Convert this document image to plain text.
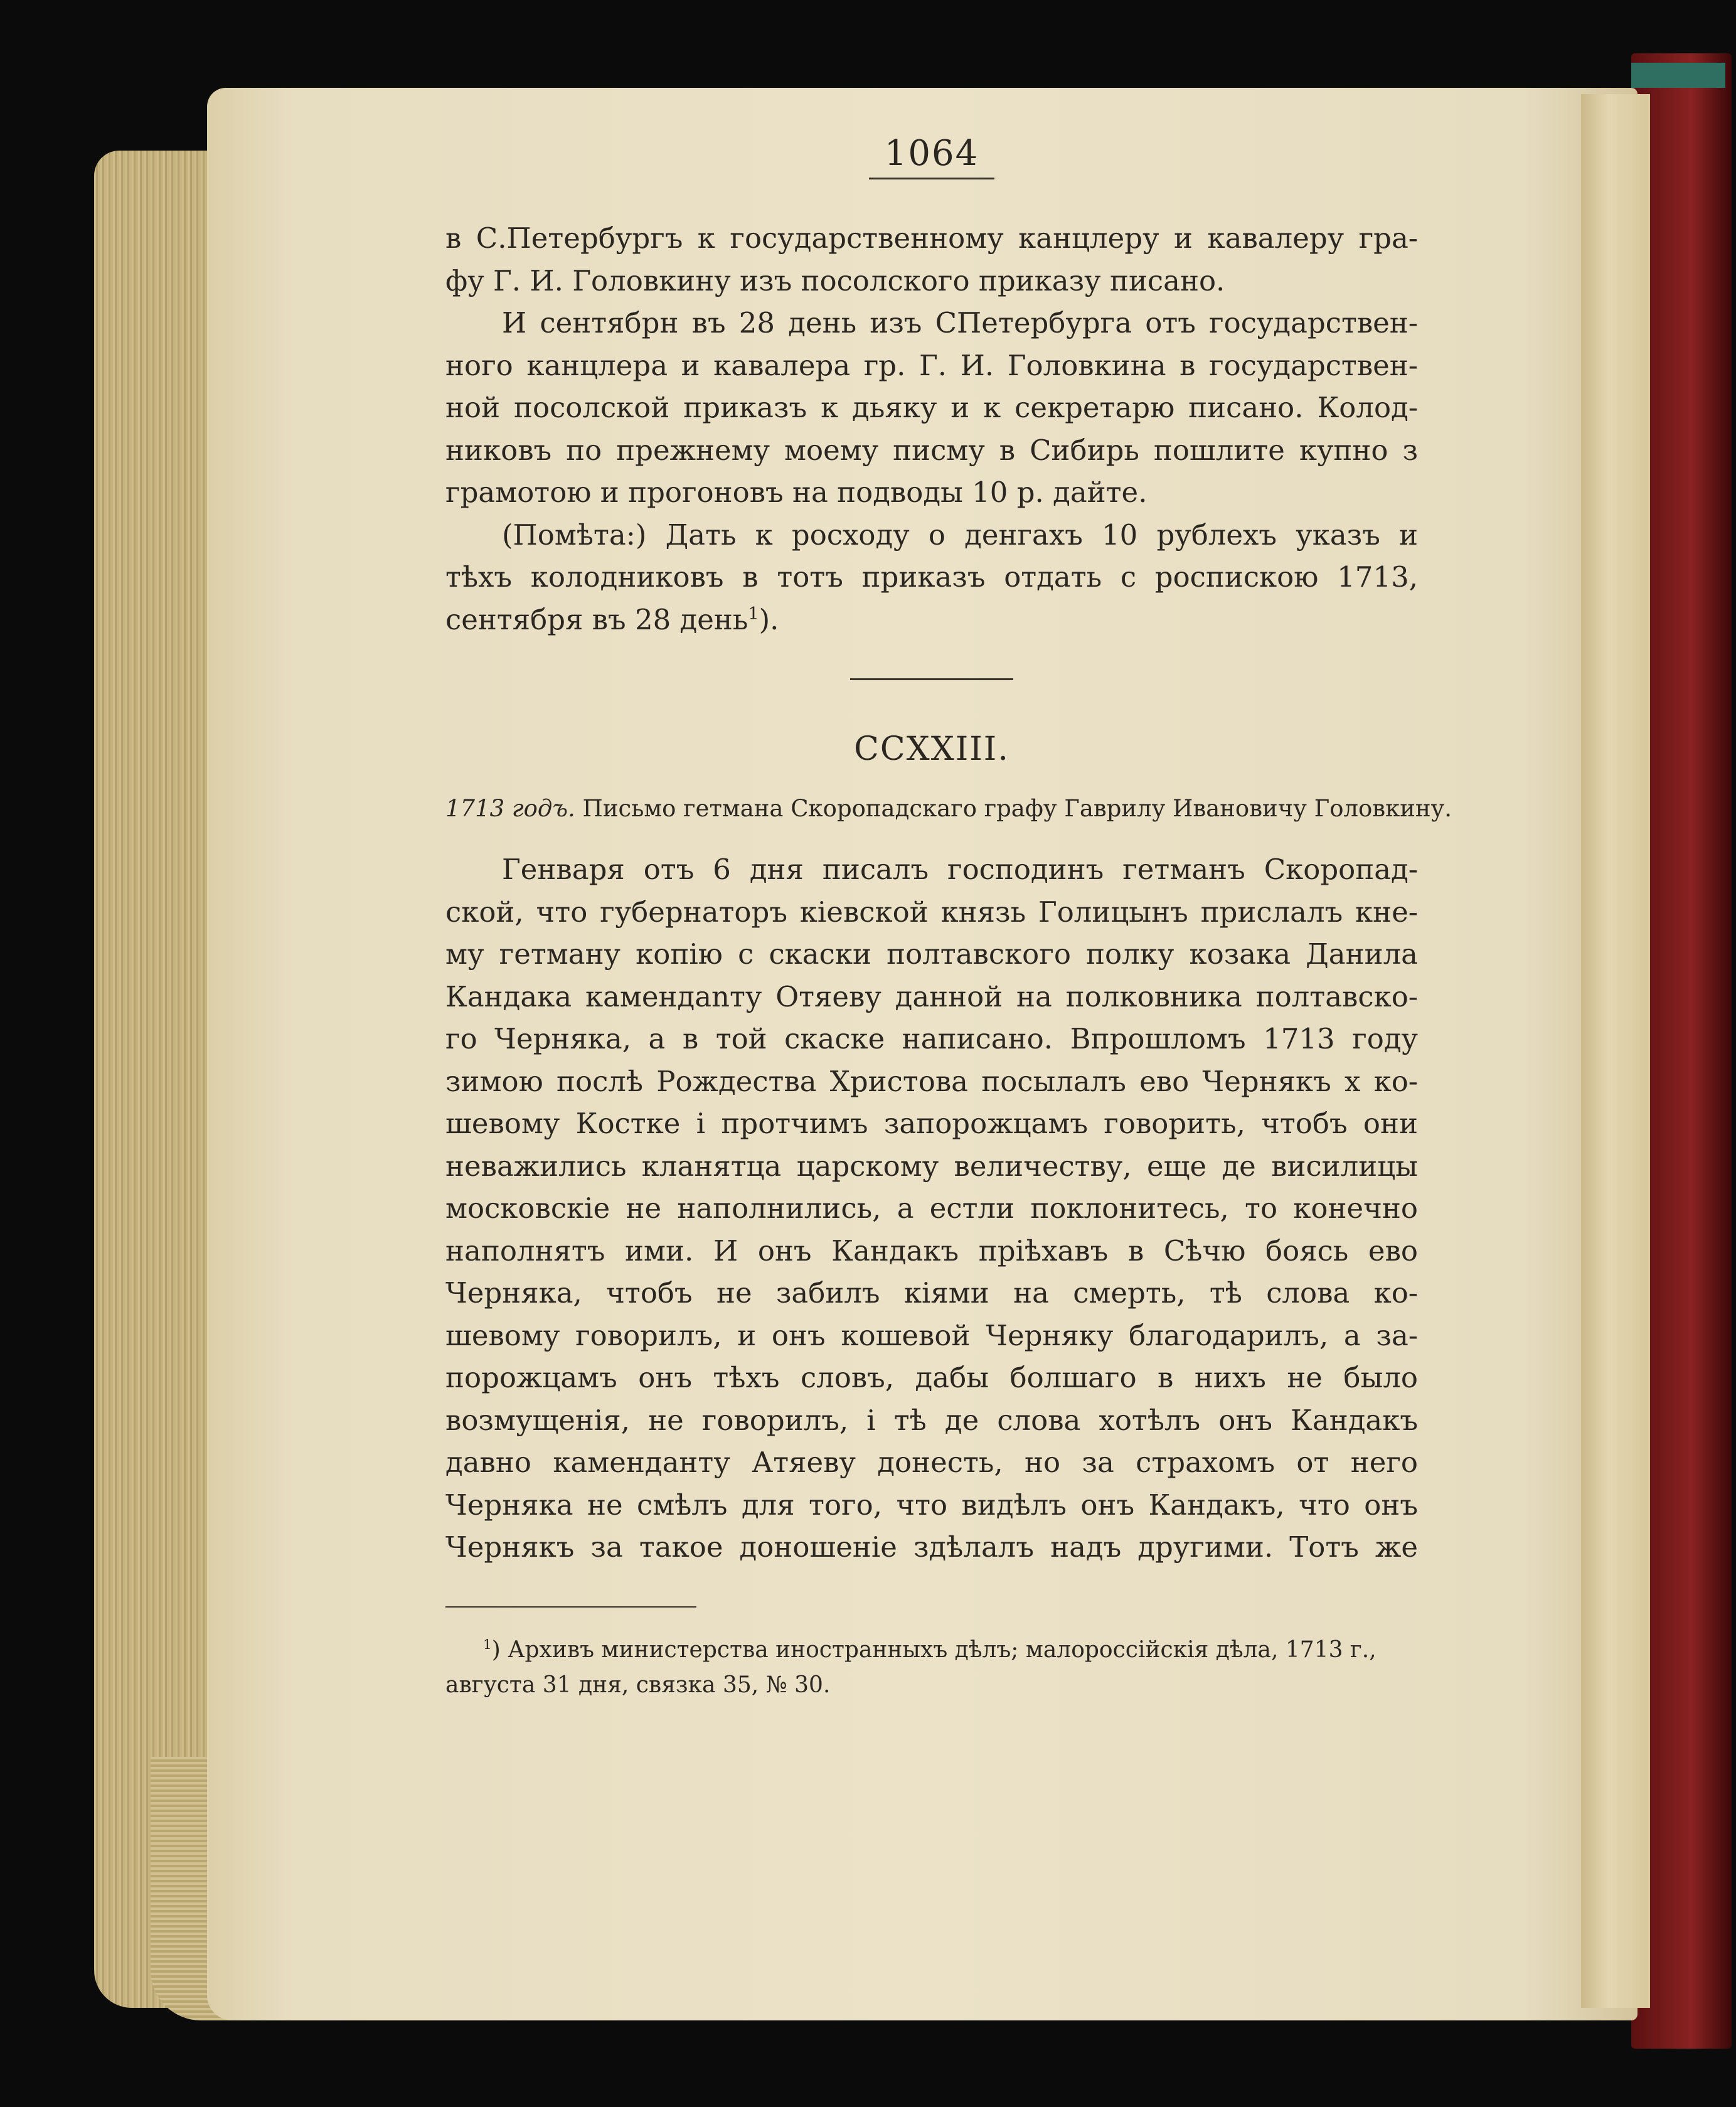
1064
в С.Петербургъ к государственному канцлеру и кавалеру гра-
фу Г. И. Головкину изъ посолского приказу писано.
И сентябрн въ 28 день изъ СПетербурга отъ государствен-
ного канцлера и кавалера гр. Г. И. Головкина в государствен-
ной посолской приказъ к дьяку и к секретарю писано. Колод-
никовъ по прежнему моему писму в Сибирь пошлите купно з
грамотою и прогоновъ на подводы 10 р. дайте.
(Помѣта:) Дать к росходу о денгахъ 10 рублехъ указъ и
тѣхъ колодниковъ в тотъ приказъ отдать с роспискою 1713,
сентября въ 28 день$^1$).
CCXXIII.
1713 годъ. Письмо гетмана Скоропадскаго графу Гаврилу Ивановичу Головкину.
Генваря отъ 6 дня писалъ господинъ гетманъ Скоропад-
ской, что губернаторъ кіевской князь Голицынъ прислалъ кне-
му гетману копію с скаски полтавского полку козака Данила
Кандака камендanту Отяеву данной на полковника полтавско-
го Черняка, а в той скаске написано. Впрошломъ 1713 году
зимою послѣ Рождества Христова посылалъ ево Чернякъ х ко-
шевому Костке і протчимъ запорожцамъ говорить, чтобъ они
неважились кланятца царскому величеству, еще де висилицы
московскіе не наполнились, а естли поклонитесь, то конечно
наполнятъ ими. И онъ Кандакъ пріѣхавъ в Сѣчю боясь ево
Черняка, чтобъ не забилъ кіями на смерть, тѣ слова ко-
шевому говорилъ, и онъ кошевой Черняку благодарилъ, а за-
порожцамъ онъ тѣхъ словъ, дабы болшаго в нихъ не было
возмущенія, не говорилъ, і тѣ де слова хотѣлъ онъ Кандакъ
давно каменданту Атяеву донесть, но за страхомъ от него
Черняка не смѣлъ для того, что видѣлъ онъ Кандакъ, что онъ
Чернякъ за такое доношеніе здѣлалъ надъ другими. Тотъ же
$^1$) Архивъ министерства иностранныхъ дѣлъ; малороссійскія дѣла, 1713 г.,
августа 31 дня, связка 35, № 30.
